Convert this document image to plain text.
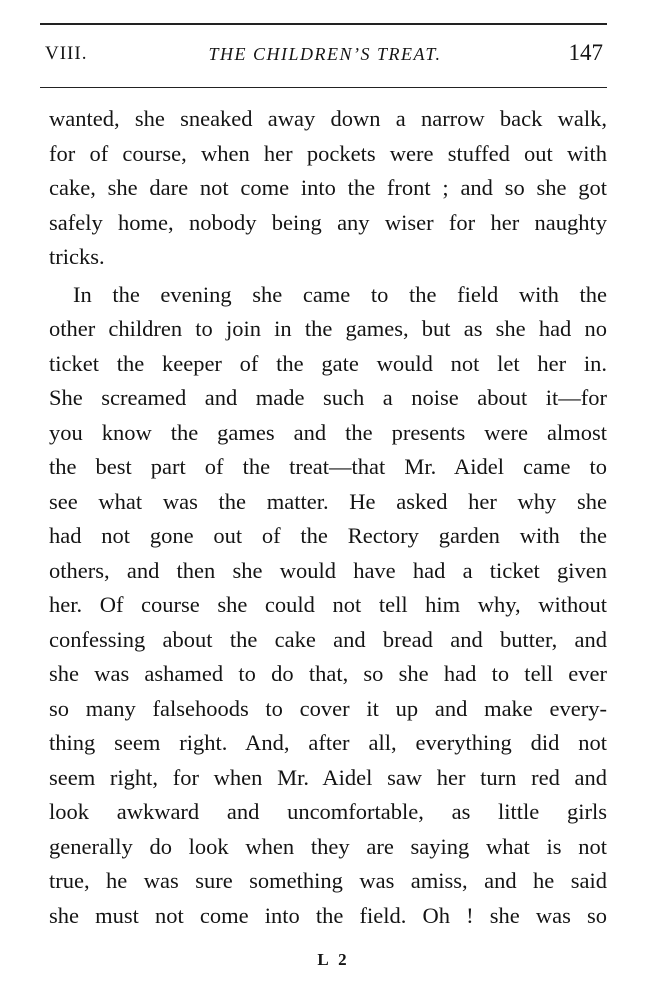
VIII.	THE CHILDREN’S TREAT.	147
wanted, she sneaked away down a narrow back walk,
for of course, when her pockets were stuffed out with
cake, she dare not come into the front ; and so she got
safely home, nobody being any wiser for her naughty
tricks.
In the evening she came to the field with the
other children to join in the games, but as she had no
ticket the keeper of the gate would not let her in.
She screamed and made such a noise about it—for
you know the games and the presents were almost
the best part of the treat—that Mr. Aidel came to
see what was the matter. He asked her why she
had not gone out of the Rectory garden with the
others, and then she would have had a ticket given
her. Of course she could not tell him why, without
confessing about the cake and bread and butter, and
she was ashamed to do that, so she had to tell ever
so many falsehoods to cover it up and make every-
thing seem right. And, after all, everything did not
seem right, for when Mr. Aidel saw her turn red and
look awkward and uncomfortable, as little girls
generally do look when they are saying what is not
true, he was sure something was amiss, and he said
she must not come into the field. Oh ! she was so
L 2
